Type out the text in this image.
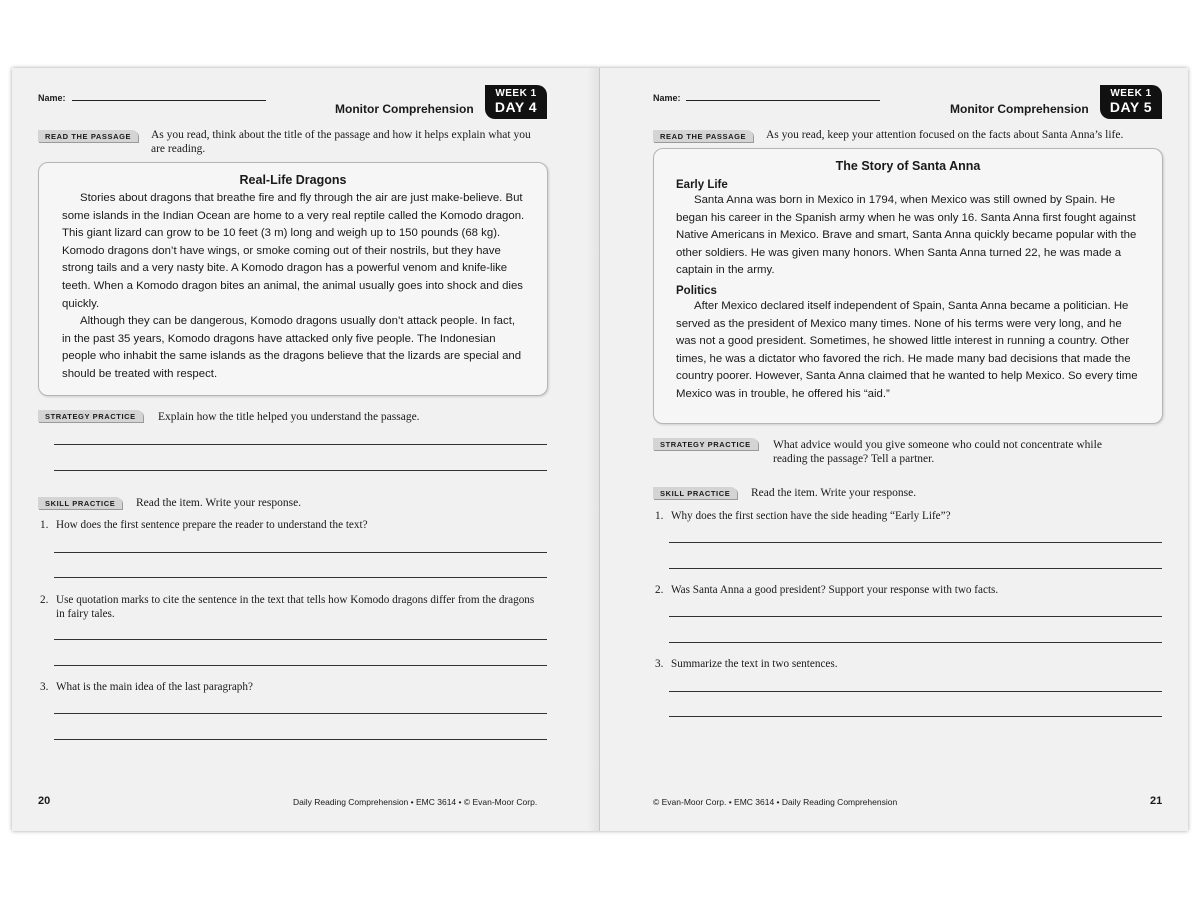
Name:
Monitor Comprehension
WEEK 1
DAY 4
READ THE PASSAGE	As you read, think about the title of the passage and how it helps explain what you are reading.
Real-Life Dragons

Stories about dragons that breathe fire and fly through the air are just make-believe. But some islands in the Indian Ocean are home to a very real reptile called the Komodo dragon. This giant lizard can grow to be 10 feet (3 m) long and weigh up to 150 pounds (68 kg). Komodo dragons don’t have wings, or smoke coming out of their nostrils, but they have strong tails and a very nasty bite. A Komodo dragon has a powerful venom and knife-like teeth. When a Komodo dragon bites an animal, the animal usually goes into shock and dies quickly.

Although they can be dangerous, Komodo dragons usually don’t attack people. In fact, in the past 35 years, Komodo dragons have attacked only five people. The Indonesian people who inhabit the same islands as the dragons believe that the lizards are special and should be treated with respect.

STRATEGY PRACTICE	Explain how the title helped you understand the passage.
SKILL PRACTICE	Read the item. Write your response.
1. How does the first sentence prepare the reader to understand the text?
2. Use quotation marks to cite the sentence in the text that tells how Komodo dragons differ from the dragons in fairy tales.
3. What is the main idea of the last paragraph?
20	Daily Reading Comprehension • EMC 3614 • © Evan-Moor Corp.
Name:
Monitor Comprehension
WEEK 1
DAY 5
READ THE PASSAGE	As you read, keep your attention focused on the facts about Santa Anna’s life.
The Story of Santa Anna
Early Life

Santa Anna was born in Mexico in 1794, when Mexico was still owned by Spain. He began his career in the Spanish army when he was only 16. Santa Anna first fought against Native Americans in Mexico. Brave and smart, Santa Anna quickly became popular with the other soldiers. He was given many honors. When Santa Anna turned 22, he was made a captain in the army.

Politics

After Mexico declared itself independent of Spain, Santa Anna became a politician. He served as the president of Mexico many times. None of his terms were very long, and he was not a good president. Sometimes, he showed little interest in running a country. Other times, he was a dictator who favored the rich. He made many bad decisions that made the country poorer. However, Santa Anna claimed that he wanted to help Mexico. So every time Mexico was in trouble, he offered his “aid.”

STRATEGY PRACTICE	What advice would you give someone who could not concentrate while reading the passage? Tell a partner.
SKILL PRACTICE	Read the item. Write your response.
1. Why does the first section have the side heading “Early Life”?
2. Was Santa Anna a good president? Support your response with two facts.
3. Summarize the text in two sentences.
© Evan-Moor Corp. • EMC 3614 • Daily Reading Comprehension	21
